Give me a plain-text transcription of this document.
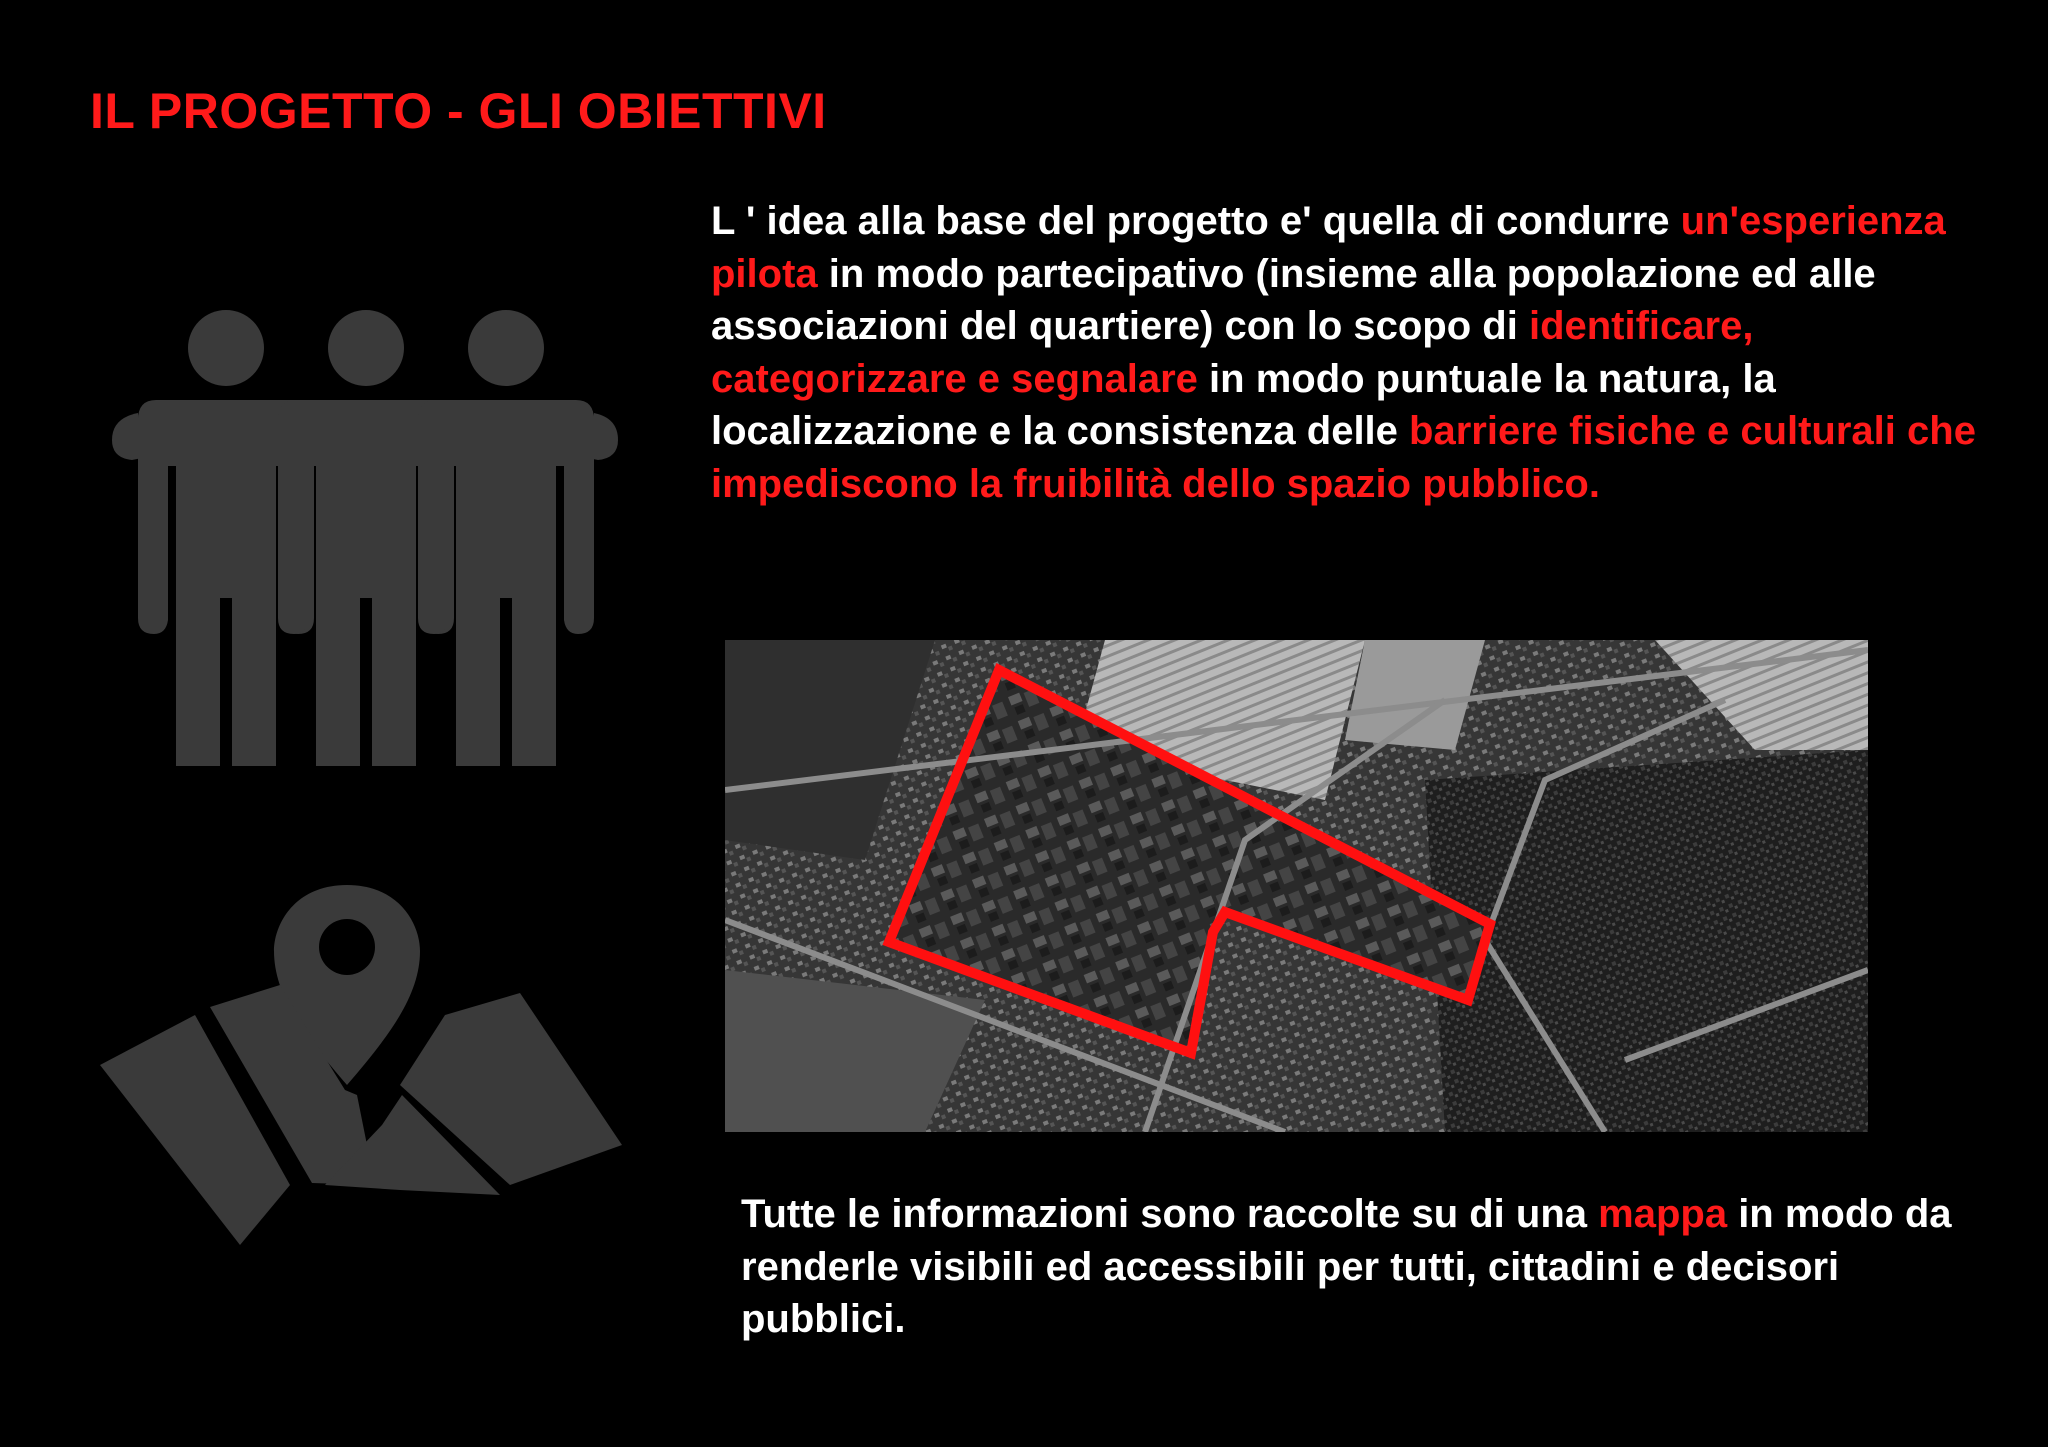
IL PROGETTO - GLI OBIETTIVI

L ' idea alla base del progetto e' quella di condurre un'esperienza pilota in modo partecipativo (insieme alla popolazione ed alle associazioni del quartiere) con lo scopo di identificare, categorizzare e segnalare in modo puntuale la natura, la localizzazione e la consistenza delle barriere fisiche e culturali che impediscono la fruibilità dello spazio pubblico.

Tutte le informazioni sono raccolte su di una mappa in modo da renderle visibili ed accessibili per tutti, cittadini e decisori pubblici.
